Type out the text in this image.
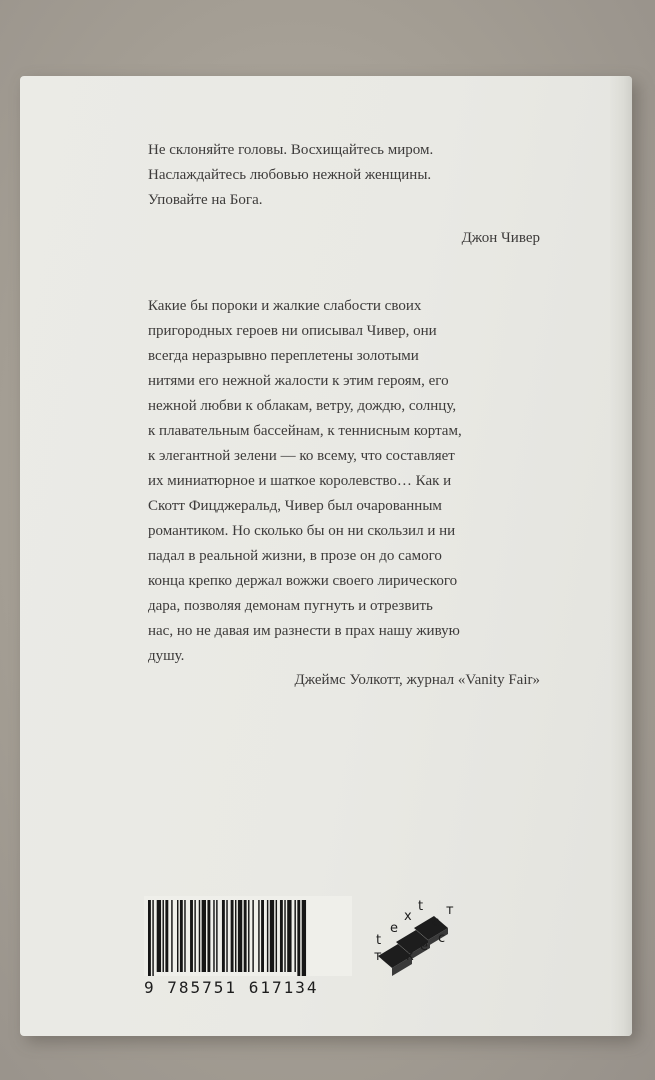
Не склоняйте головы. Восхищайтесь миром.

Наслаждайтесь любовью нежной женщины.

Уповайте на Бога.

Джон Чивер

Какие бы пороки и жалкие слабости своих

пригородных героев ни описывал Чивер, они

всегда неразрывно переплетены золотыми

нитями его нежной жалости к этим героям, его

нежной любви к облакам, ветру, дождю, солнцу,

к плавательным бассейнам, к теннисным кортам,

к элегантной зелени — ко всему, что составляет

их миниатюрное и шаткое королевство… Как и

Скотт Фицджеральд, Чивер был очарованным

романтиком. Но сколько бы он ни скользил и ни

падал в реальной жизни, в прозе он до самого

конца крепко держал вожжи своего лирического

дара, позволяя демонам пугнуть и отрезвить

нас, но не давая им разнести в прах нашу живую

душу.

Джеймс Уолкотт, журнал «Vanity Fair»
9 785751 617134
t
x c
e
т
t	е
к
с
т
